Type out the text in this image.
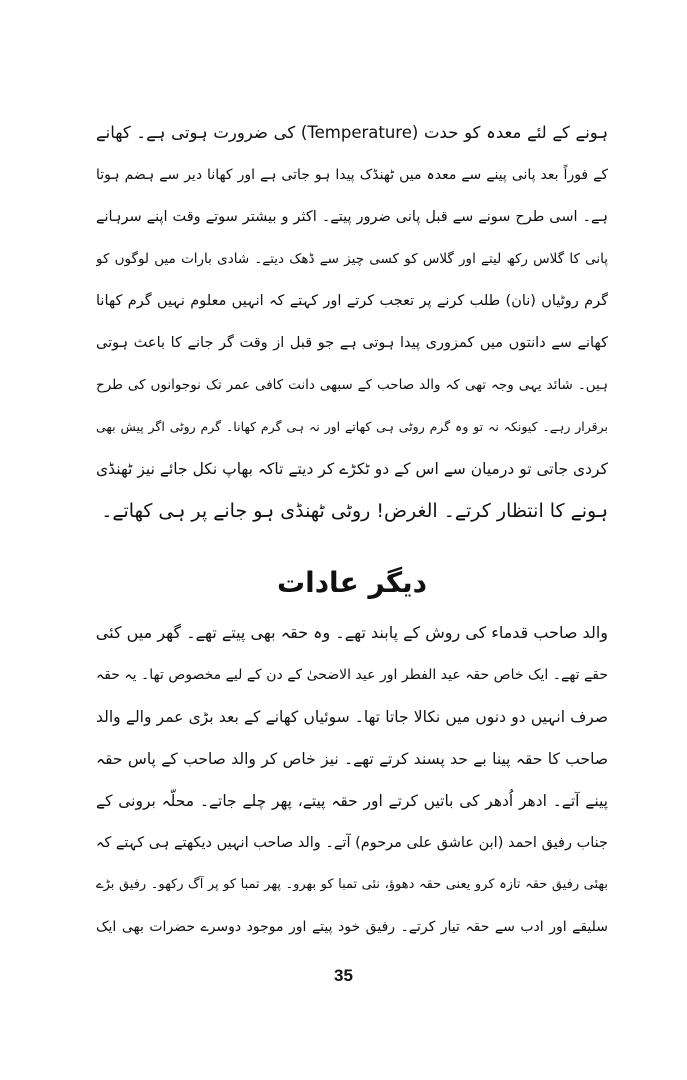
ہونے کے لئے معدہ کو حدت (Temperature) کی ضرورت ہوتی ہے۔ کھانے
کے فوراً بعد پانی پینے سے معدہ میں ٹھنڈک پیدا ہو جاتی ہے اور کھانا دیر سے ہضم ہوتا
ہے۔ اسی طرح سونے سے قبل پانی ضرور پیتے۔ اکثر و بیشتر سوتے وقت اپنے سرہانے
پانی کا گلاس رکھ لیتے اور گلاس کو کسی چیز سے ڈھک دیتے۔ شادی بارات میں لوگوں کو
گرم روٹیاں (نان) طلب کرنے پر تعجب کرتے اور کہتے کہ انہیں معلوم نہیں گرم کھانا
کھانے سے دانتوں میں کمزوری پیدا ہوتی ہے جو قبل از وقت گر جانے کا باعث ہوتی
ہیں۔ شائد یہی وجہ تھی کہ والد صاحب کے سبھی دانت کافی عمر تک نوجوانوں کی طرح
برقرار رہے۔ کیونکہ نہ تو وہ گرم روٹی ہی کھاتے اور نہ ہی گرم کھانا۔ گرم روٹی اگر پیش بھی
کردی جاتی تو درمیان سے اس کے دو ٹکڑے کر دیتے تاکہ بھاپ نکل جائے نیز ٹھنڈی
ہونے کا انتظار کرتے۔ الغرض! روٹی ٹھنڈی ہو جانے پر ہی کھاتے۔
دیگر عادات
والد صاحب قدماء کی روش کے پابند تھے۔ وہ حقہ بھی پیتے تھے۔ گھر میں کئی
حقے تھے۔ ایک خاص حقہ عید الفطر اور عید الاضحیٰ کے دن کے لیے مخصوص تھا۔ یہ حقہ
صرف انہیں دو دنوں میں نکالا جاتا تھا۔ سوئیاں کھانے کے بعد بڑی عمر والے والد
صاحب کا حقہ پینا بے حد پسند کرتے تھے۔ نیز خاص کر والد صاحب کے پاس حقہ
پینے آتے۔ ادھر اُدھر کی باتیں کرتے اور حقہ پیتے، پھر چلے جاتے۔ محلّہ برونی کے
جناب رفیق احمد (ابن عاشق علی مرحوم) آتے۔ والد صاحب انہیں دیکھتے ہی کہتے کہ
بھئی رفیق حقہ تازہ کرو یعنی حقہ دھوؤ، نئی تمبا کو بھرو۔ پھر تمبا کو پر آگ رکھو۔ رفیق بڑے
سلیقے اور ادب سے حقہ تیار کرتے۔ رفیق خود پیتے اور موجود دوسرے حضرات بھی ایک
35
